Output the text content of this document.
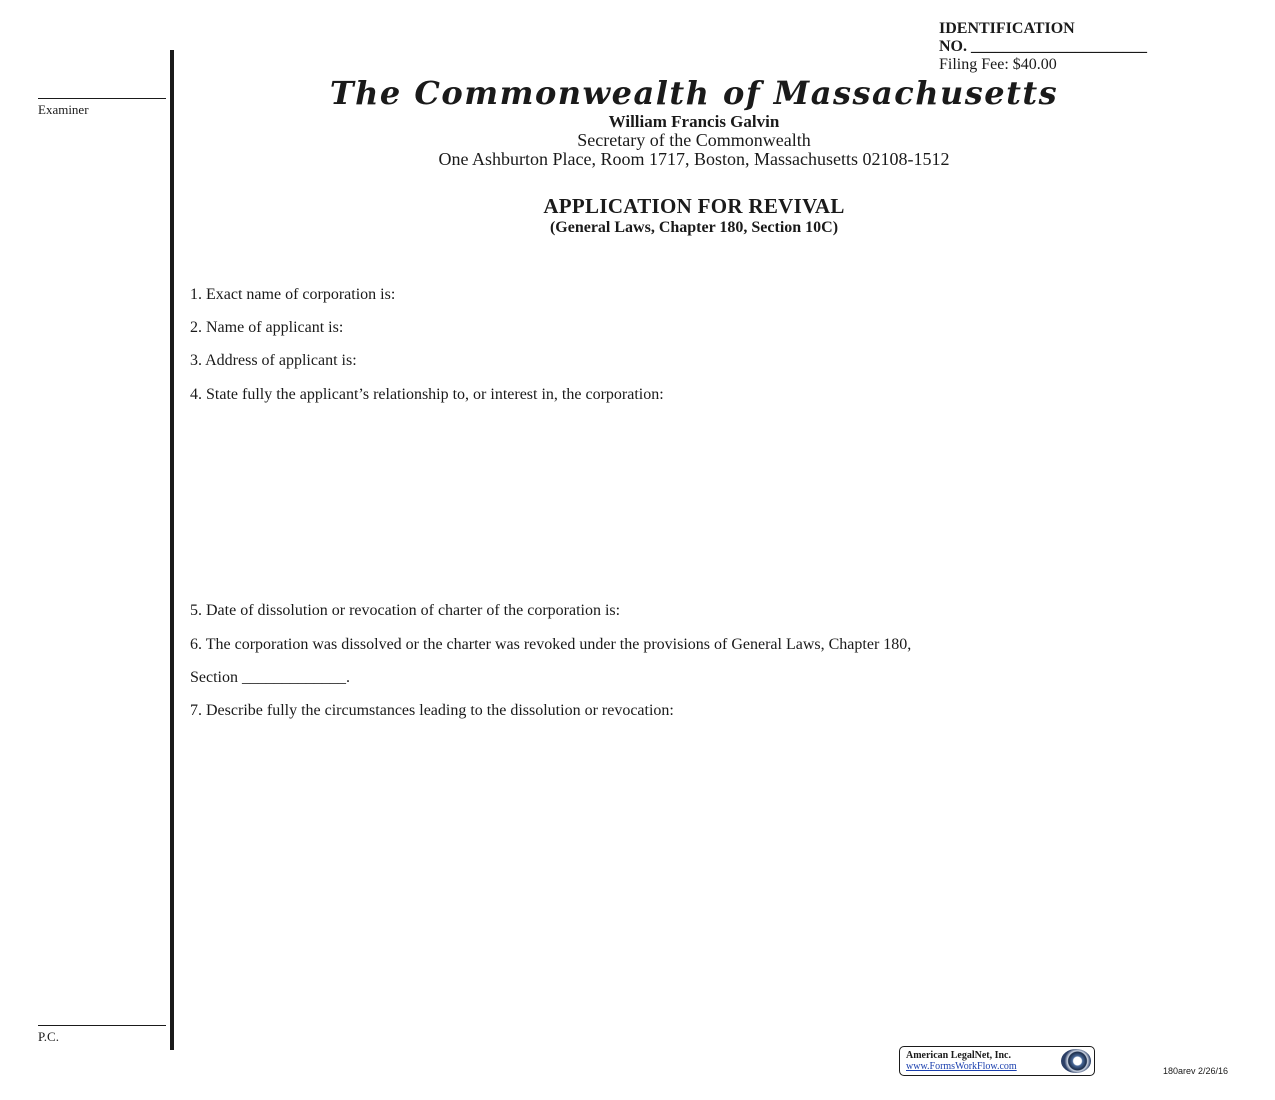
IDENTIFICATION
NO. ______________________
Filing Fee: $40.00
Examiner
P.C.
The Commonwealth of Massachusetts
William Francis Galvin
Secretary of the Commonwealth
One Ashburton Place, Room 1717, Boston, Massachusetts 02108-1512
APPLICATION FOR REVIVAL
(General Laws, Chapter 180, Section 10C)
1. Exact name of corporation is:
2. Name of applicant is:
3. Address of applicant is:
4. State fully the applicant’s relationship to, or interest in, the corporation:
5. Date of dissolution or revocation of charter of the corporation is:
6. The corporation was dissolved or the charter was revoked under the provisions of General Laws, Chapter 180,
Section _____________.
7. Describe fully the circumstances leading to the dissolution or revocation:
American LegalNet, Inc.
www.FormsWorkFlow.com	180arev 2/26/16
